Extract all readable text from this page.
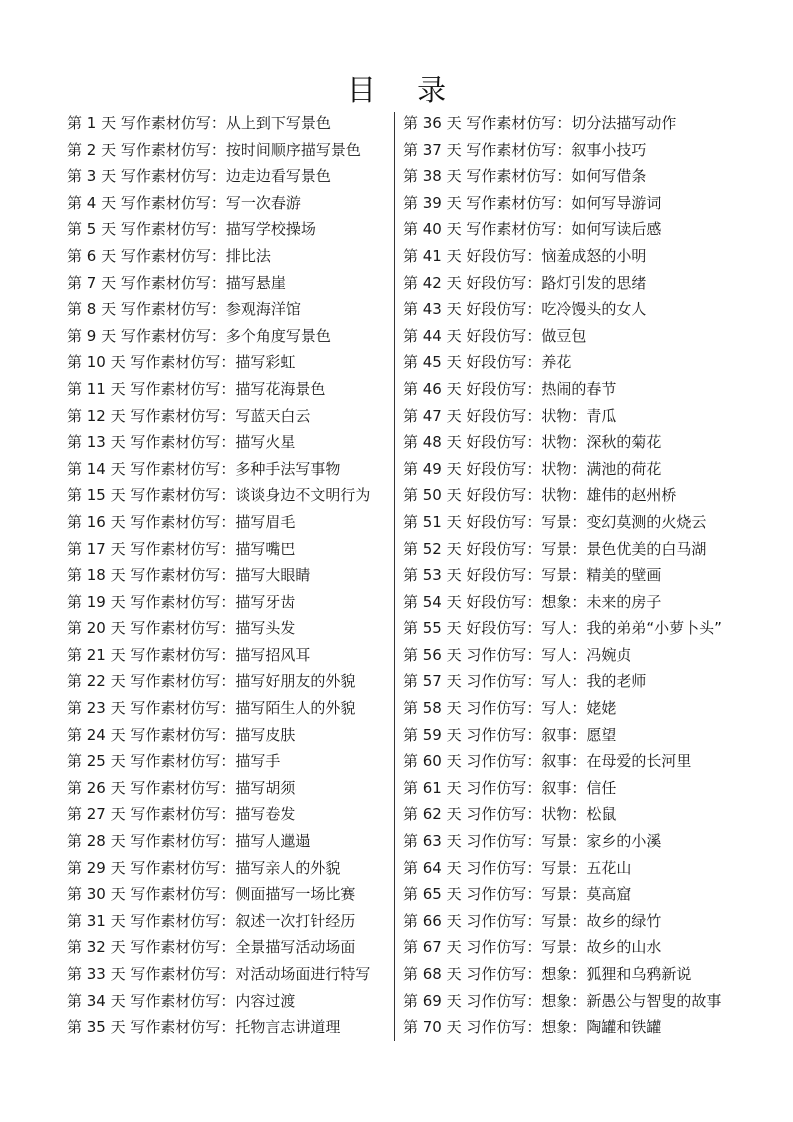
目 录
第 1 天 写作素材仿写：从上到下写景色
第 2 天 写作素材仿写：按时间顺序描写景色
第 3 天 写作素材仿写：边走边看写景色
第 4 天 写作素材仿写：写一次春游
第 5 天 写作素材仿写：描写学校操场
第 6 天 写作素材仿写：排比法
第 7 天 写作素材仿写：描写悬崖
第 8 天 写作素材仿写：参观海洋馆
第 9 天 写作素材仿写：多个角度写景色
第 10 天 写作素材仿写：描写彩虹
第 11 天 写作素材仿写：描写花海景色
第 12 天 写作素材仿写：写蓝天白云
第 13 天 写作素材仿写：描写火星
第 14 天 写作素材仿写：多种手法写事物
第 15 天 写作素材仿写：谈谈身边不文明行为
第 16 天 写作素材仿写：描写眉毛
第 17 天 写作素材仿写：描写嘴巴
第 18 天 写作素材仿写：描写大眼睛
第 19 天 写作素材仿写：描写牙齿
第 20 天 写作素材仿写：描写头发
第 21 天 写作素材仿写：描写招风耳
第 22 天 写作素材仿写：描写好朋友的外貌
第 23 天 写作素材仿写：描写陌生人的外貌
第 24 天 写作素材仿写：描写皮肤
第 25 天 写作素材仿写：描写手
第 26 天 写作素材仿写：描写胡须
第 27 天 写作素材仿写：描写卷发
第 28 天 写作素材仿写：描写人邋遢
第 29 天 写作素材仿写：描写亲人的外貌
第 30 天 写作素材仿写：侧面描写一场比赛
第 31 天 写作素材仿写：叙述一次打针经历
第 32 天 写作素材仿写：全景描写活动场面
第 33 天 写作素材仿写：对活动场面进行特写
第 34 天 写作素材仿写：内容过渡
第 35 天 写作素材仿写：托物言志讲道理
第 36 天 写作素材仿写：切分法描写动作
第 37 天 写作素材仿写：叙事小技巧
第 38 天 写作素材仿写：如何写借条
第 39 天 写作素材仿写：如何写导游词
第 40 天 写作素材仿写：如何写读后感
第 41 天 好段仿写：恼羞成怒的小明
第 42 天 好段仿写：路灯引发的思绪
第 43 天 好段仿写：吃冷馒头的女人
第 44 天 好段仿写：做豆包
第 45 天 好段仿写：养花
第 46 天 好段仿写：热闹的春节
第 47 天 好段仿写：状物：青瓜
第 48 天 好段仿写：状物：深秋的菊花
第 49 天 好段仿写：状物：满池的荷花
第 50 天 好段仿写：状物：雄伟的赵州桥
第 51 天 好段仿写：写景：变幻莫测的火烧云
第 52 天 好段仿写：写景：景色优美的白马湖
第 53 天 好段仿写：写景：精美的壁画
第 54 天 好段仿写：想象：未来的房子
第 55 天 好段仿写：写人：我的弟弟“小萝卜头”
第 56 天 习作仿写：写人：冯婉贞
第 57 天 习作仿写：写人：我的老师
第 58 天 习作仿写：写人：姥姥
第 59 天 习作仿写：叙事：愿望
第 60 天 习作仿写：叙事：在母爱的长河里
第 61 天 习作仿写：叙事：信任
第 62 天 习作仿写：状物：松鼠
第 63 天 习作仿写：写景：家乡的小溪
第 64 天 习作仿写：写景：五花山
第 65 天 习作仿写：写景：莫高窟
第 66 天 习作仿写：写景：故乡的绿竹
第 67 天 习作仿写：写景：故乡的山水
第 68 天 习作仿写：想象：狐狸和乌鸦新说
第 69 天 习作仿写：想象：新愚公与智叟的故事
第 70 天 习作仿写：想象：陶罐和铁罐
